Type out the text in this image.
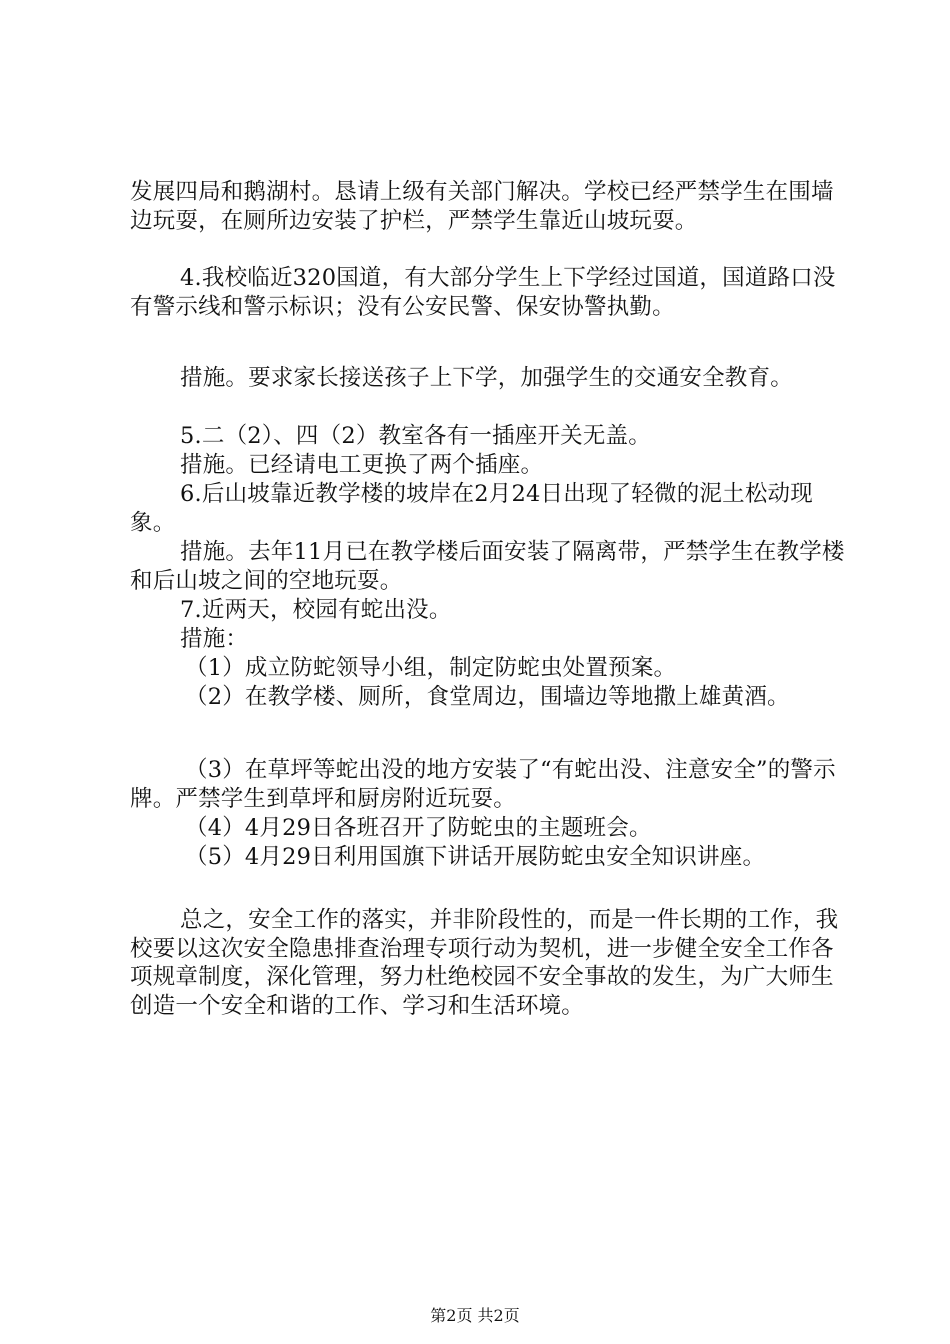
发展四局和鹅湖村。恳请上级有关部门解决。学校已经严禁学生在围墙边玩耍，在厕所边安装了护栏，严禁学生靠近山坡玩耍。

4.我校临近320国道，有大部分学生上下学经过国道，国道路口没有警示线和警示标识；没有公安民警、保安协警执勤。

措施。要求家长接送孩子上下学，加强学生的交通安全教育。

5.二（2）、四（2）教室各有一插座开关无盖。

措施。已经请电工更换了两个插座。

6.后山坡靠近教学楼的坡岸在2月24日出现了轻微的泥土松动现象。

措施。去年11月已在教学楼后面安装了隔离带，严禁学生在教学楼和后山坡之间的空地玩耍。

7.近两天，校园有蛇出没。

措施：

（1）成立防蛇领导小组，制定防蛇虫处置预案。

（2）在教学楼、厕所，食堂周边，围墙边等地撒上雄黄酒。

（3）在草坪等蛇出没的地方安装了“有蛇出没、注意安全”的警示牌。严禁学生到草坪和厨房附近玩耍。

（4）4月29日各班召开了防蛇虫的主题班会。

（5）4月29日利用国旗下讲话开展防蛇虫安全知识讲座。

总之，安全工作的落实，并非阶段性的，而是一件长期的工作，我校要以这次安全隐患排查治理专项行动为契机，进一步健全安全工作各项规章制度，深化管理，努力杜绝校园不安全事故的发生，为广大师生创造一个安全和谐的工作、学习和生活环境。

第2页 共2页
